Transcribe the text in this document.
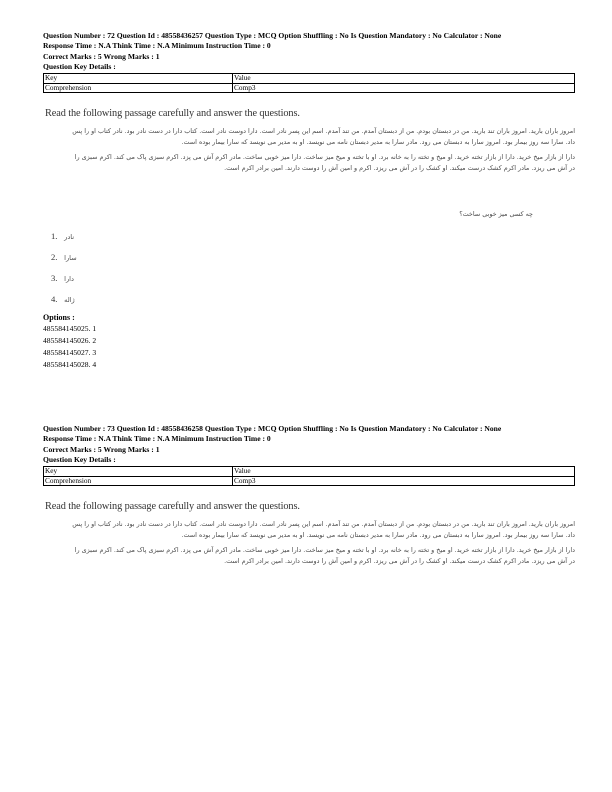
Question Number : 72 Question Id : 48558436257 Question Type : MCQ Option Shuffling : No Is Question Mandatory : No Calculator : None
Response Time : N.A Think Time : N.A Minimum Instruction Time : 0
Correct Marks : 5 Wrong Marks : 1
Question Key Details :
Key	Value
Comprehension	Comp3
Read the following passage carefully and answer the questions.
امروز باران بارید. امروز باران تند بارید. من در دبستان بودم. من از دبستان آمدم. من تند آمدم. اسم این پسر نادر است. دارا دوست نادر است. کتاب دارا در دست نادر بود. نادر کتاب او را پس داد. سارا سه روز بیمار بود. امروز سارا به دبستان می رود. مادر سارا به مدیر دبستان نامه می نویسد. او به مدیر می نویسد که سارا بیمار بوده است.
دارا از بازار میخ خرید. دارا از بازار تخته خرید. او میخ و تخته را به خانه برد. او با تخته و میخ میز ساخت. دارا میز خوبی ساخت. مادر اکرم آش می پزد. اکرم سبزی پاک می کند. اکرم سبزی را در آش می ریزد. مادر اکرم کشک درست میکند. او کشک را در آش می ریزد. اکرم و امین آش را دوست دارند. امین برادر اکرم است.
چه کسی میز خوبی ساخت؟
1. نادر
2. سارا
3. دارا
4. ژاله
Options :
485584145025. 1
485584145026. 2
485584145027. 3
485584145028. 4
Question Number : 73 Question Id : 48558436258 Question Type : MCQ Option Shuffling : No Is Question Mandatory : No Calculator : None
Response Time : N.A Think Time : N.A Minimum Instruction Time : 0
Correct Marks : 5 Wrong Marks : 1
Question Key Details :
Key	Value
Comprehension	Comp3
Read the following passage carefully and answer the questions.
امروز باران بارید. امروز باران تند بارید. من در دبستان بودم. من از دبستان آمدم. من تند آمدم. اسم این پسر نادر است. دارا دوست نادر است. کتاب دارا در دست نادر بود. نادر کتاب او را پس داد. سارا سه روز بیمار بود. امروز سارا به دبستان می رود. مادر سارا به مدیر دبستان نامه می نویسد. او به مدیر می نویسد که سارا بیمار بوده است.
دارا از بازار میخ خرید. دارا از بازار تخته خرید. او میخ و تخته را به خانه برد. او با تخته و میخ میز ساخت. دارا میز خوبی ساخت. مادر اکرم آش می پزد. اکرم سبزی پاک می کند. اکرم سبزی را در آش می ریزد. مادر اکرم کشک درست میکند. او کشک را در آش می ریزد. اکرم و امین آش را دوست دارند. امین برادر اکرم است.
